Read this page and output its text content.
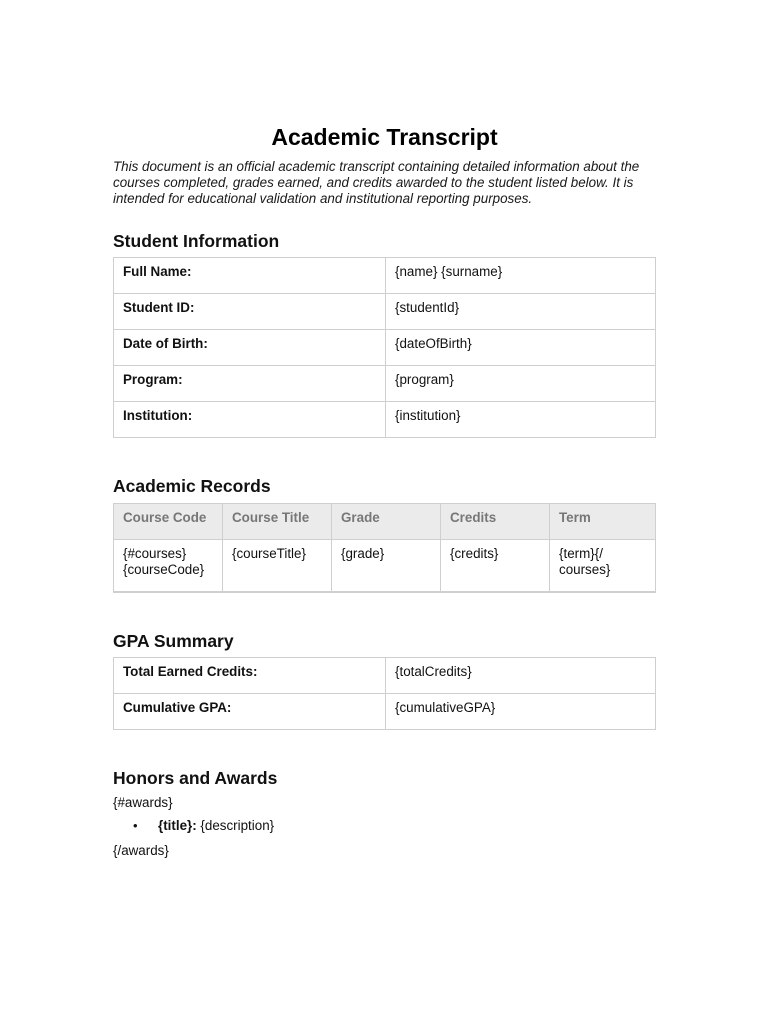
Academic Transcript

This document is an official academic transcript containing detailed information about the courses completed, grades earned, and credits awarded to the student listed below. It is intended for educational validation and institutional reporting purposes.

Student Information
Full Name:	{name} {surname}
Student ID:	{studentId}
Date of Birth:	{dateOfBirth}
Program:	{program}
Institution:	{institution}
Academic Records
Course Code	Course Title	Grade	Credits	Term
{#courses}
{courseCode}	{courseTitle}	{grade}	{credits}	{term}{/
courses}
GPA Summary
Total Earned Credits:	{totalCredits}
Cumulative GPA:	{cumulativeGPA}
Honors and Awards

{#awards}

• {title}: {description}

{/awards}
